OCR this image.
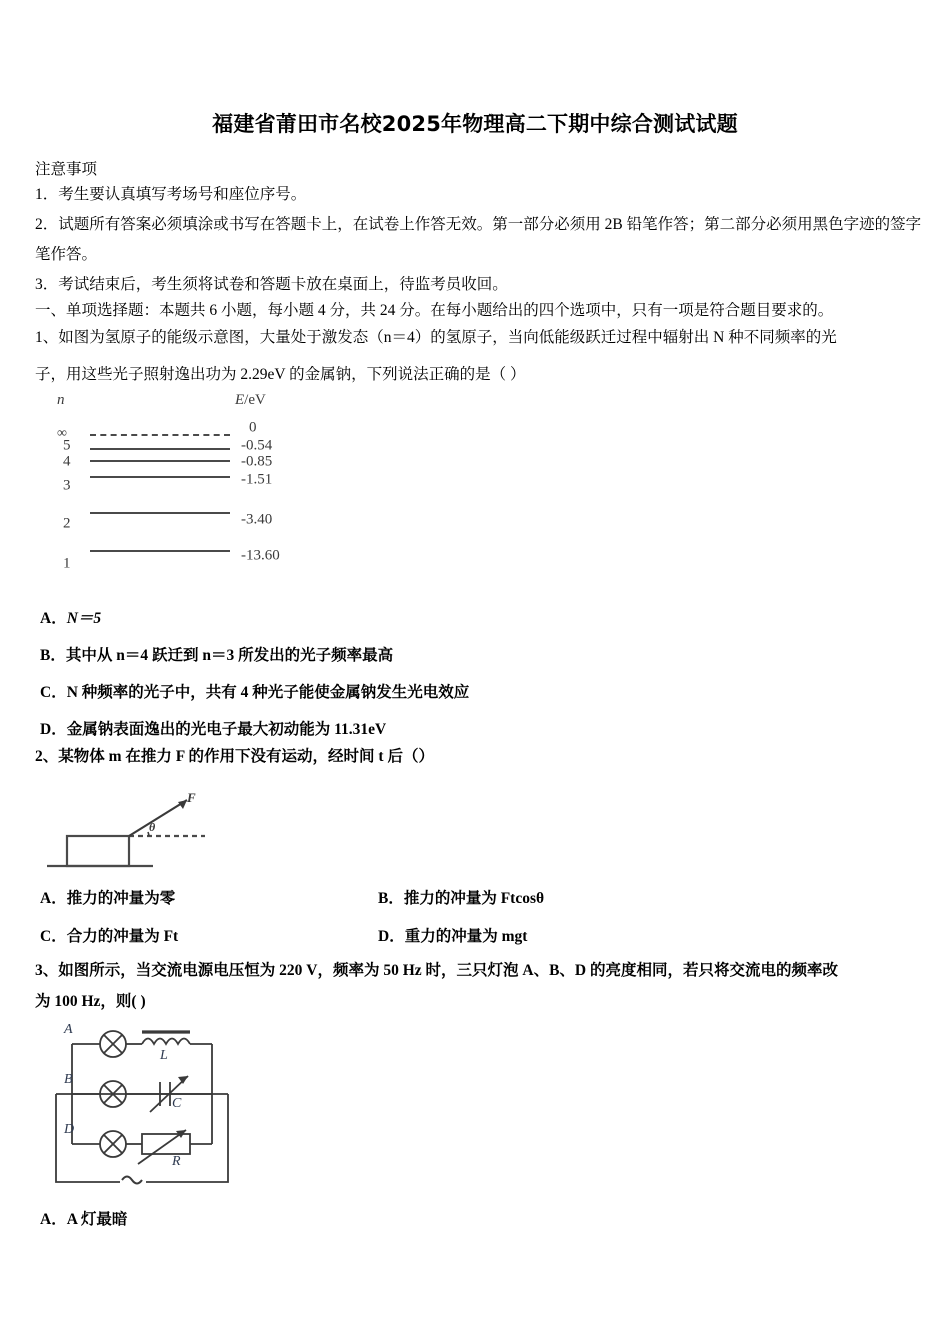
福建省莆田市名校2025年物理高二下期中综合测试试题
注意事项

1．考生要认真填写考场号和座位序号。

2．试题所有答案必须填涂或书写在答题卡上，在试卷上作答无效。第一部分必须用 2B 铅笔作答；第二部分必须用黑色字迹的签字笔作答。

3．考试结束后，考生须将试卷和答题卡放在桌面上，待监考员收回。

一、单项选择题：本题共 6 小题，每小题 4 分，共 24 分。在每小题给出的四个选项中，只有一项是符合题目要求的。
1、如图为氢原子的能级示意图，大量处于激发态（n＝4）的氢原子，当向低能级跃迁过程中辐射出 N 种不同频率的光
子，用这些光子照射逸出功为 2.29eV 的金属钠，下列说法正确的是（ ）
n	E/eV
∞	0
5	-0.54
4	-0.85
3	-1.51
2	-3.40
1	-13.60

A．N＝5

B．其中从 n＝4 跃迁到 n＝3 所发出的光子频率最高

C．N 种频率的光子中，共有 4 种光子能使金属钠发生光电效应

D．金属钠表面逸出的光电子最大初动能为 11.31eV

2、某物体 m 在推力 F 的作用下没有运动，经时间 t 后（）
F
θ
A．推力的冲量为零	B．推力的冲量为 Ftcosθ
C．合力的冲量为 Ft	D．重力的冲量为 mgt
3、如图所示，当交流电源电压恒为 220 V，频率为 50 Hz 时，三只灯泡 A、B、D 的亮度相同，若只将交流电的频率改
为 100 Hz，则( )
A
B
D
L
C
R
A．A 灯最暗
